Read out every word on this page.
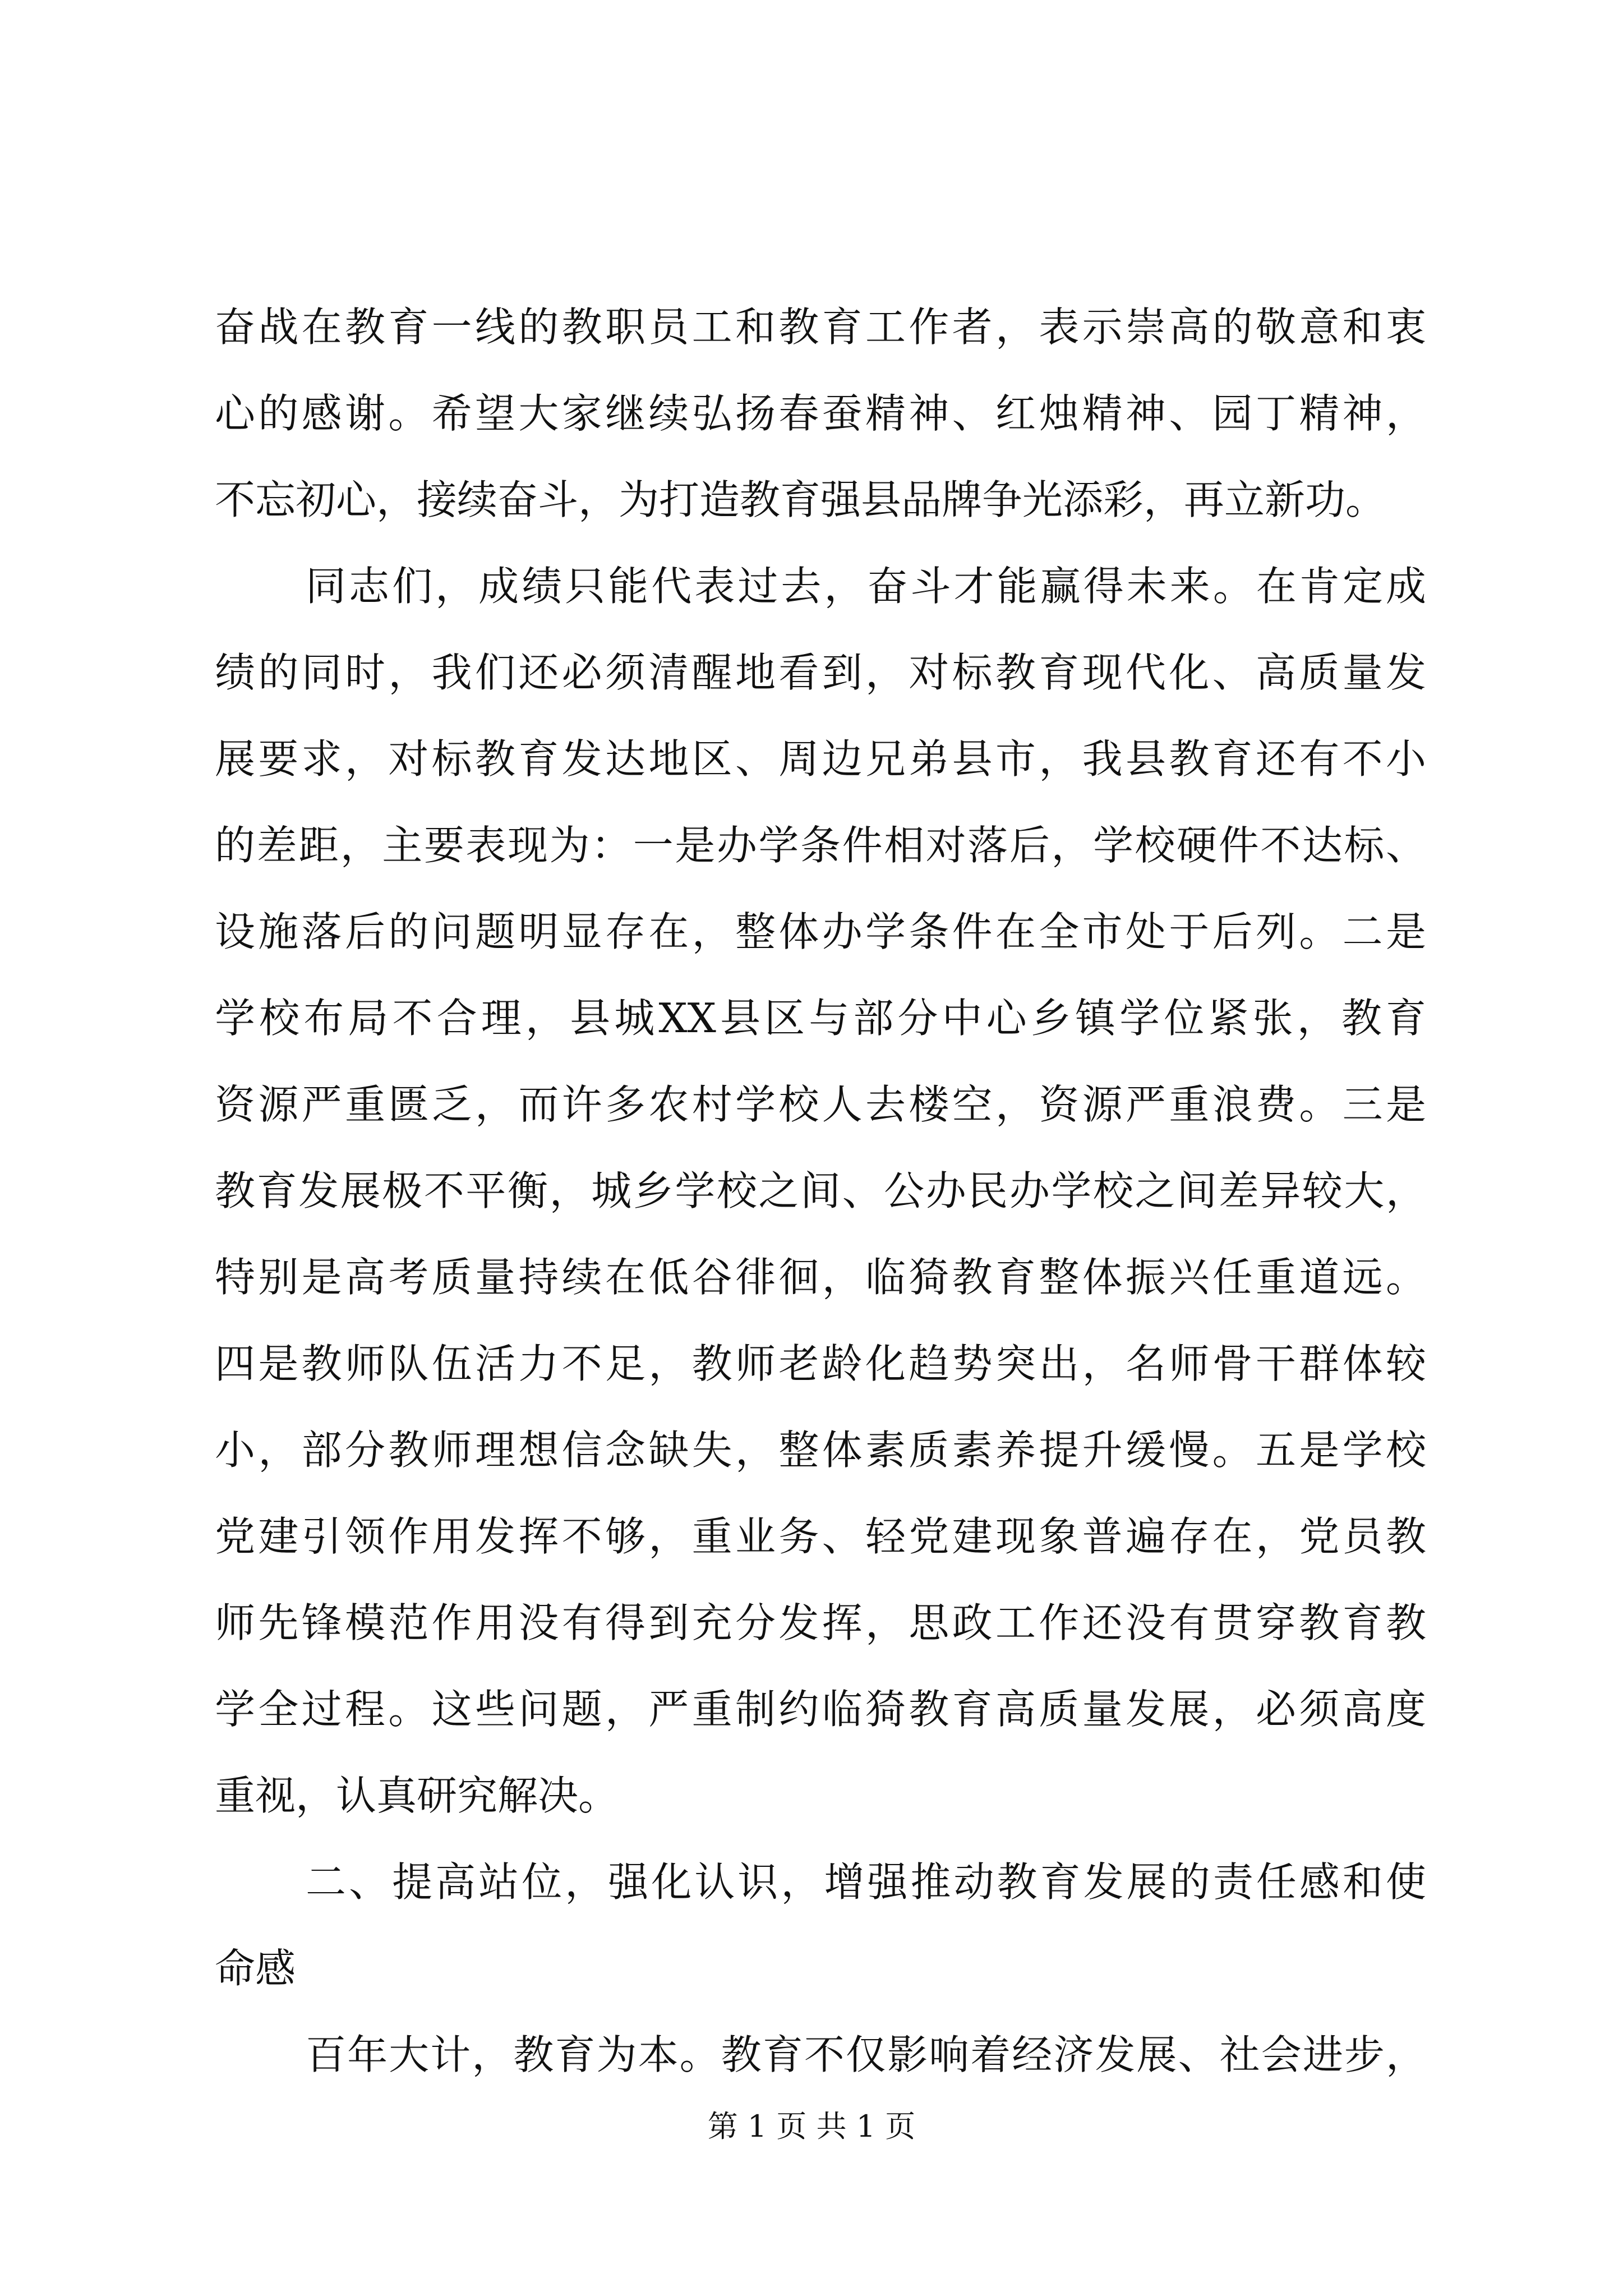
奋战在教育一线的教职员工和教育工作者，表示崇高的敬意和衷
心的感谢。希望大家继续弘扬春蚕精神、红烛精神、园丁精神，
不忘初心，接续奋斗，为打造教育强县品牌争光添彩，再立新功。
同志们，成绩只能代表过去，奋斗才能赢得未来。在肯定成
绩的同时，我们还必须清醒地看到，对标教育现代化、高质量发
展要求，对标教育发达地区、周边兄弟县市，我县教育还有不小
的差距，主要表现为：一是办学条件相对落后，学校硬件不达标、
设施落后的问题明显存在，整体办学条件在全市处于后列。二是
学校布局不合理，县城XX县区与部分中心乡镇学位紧张，教育
资源严重匮乏，而许多农村学校人去楼空，资源严重浪费。三是
教育发展极不平衡，城乡学校之间、公办民办学校之间差异较大，
特别是高考质量持续在低谷徘徊，临猗教育整体振兴任重道远。
四是教师队伍活力不足，教师老龄化趋势突出，名师骨干群体较
小，部分教师理想信念缺失，整体素质素养提升缓慢。五是学校
党建引领作用发挥不够，重业务、轻党建现象普遍存在，党员教
师先锋模范作用没有得到充分发挥，思政工作还没有贯穿教育教
学全过程。这些问题，严重制约临猗教育高质量发展，必须高度
重视，认真研究解决。
二、提高站位，强化认识，增强推动教育发展的责任感和使
命感
百年大计，教育为本。教育不仅影响着经济发展、社会进步，
第 1 页 共 1 页
